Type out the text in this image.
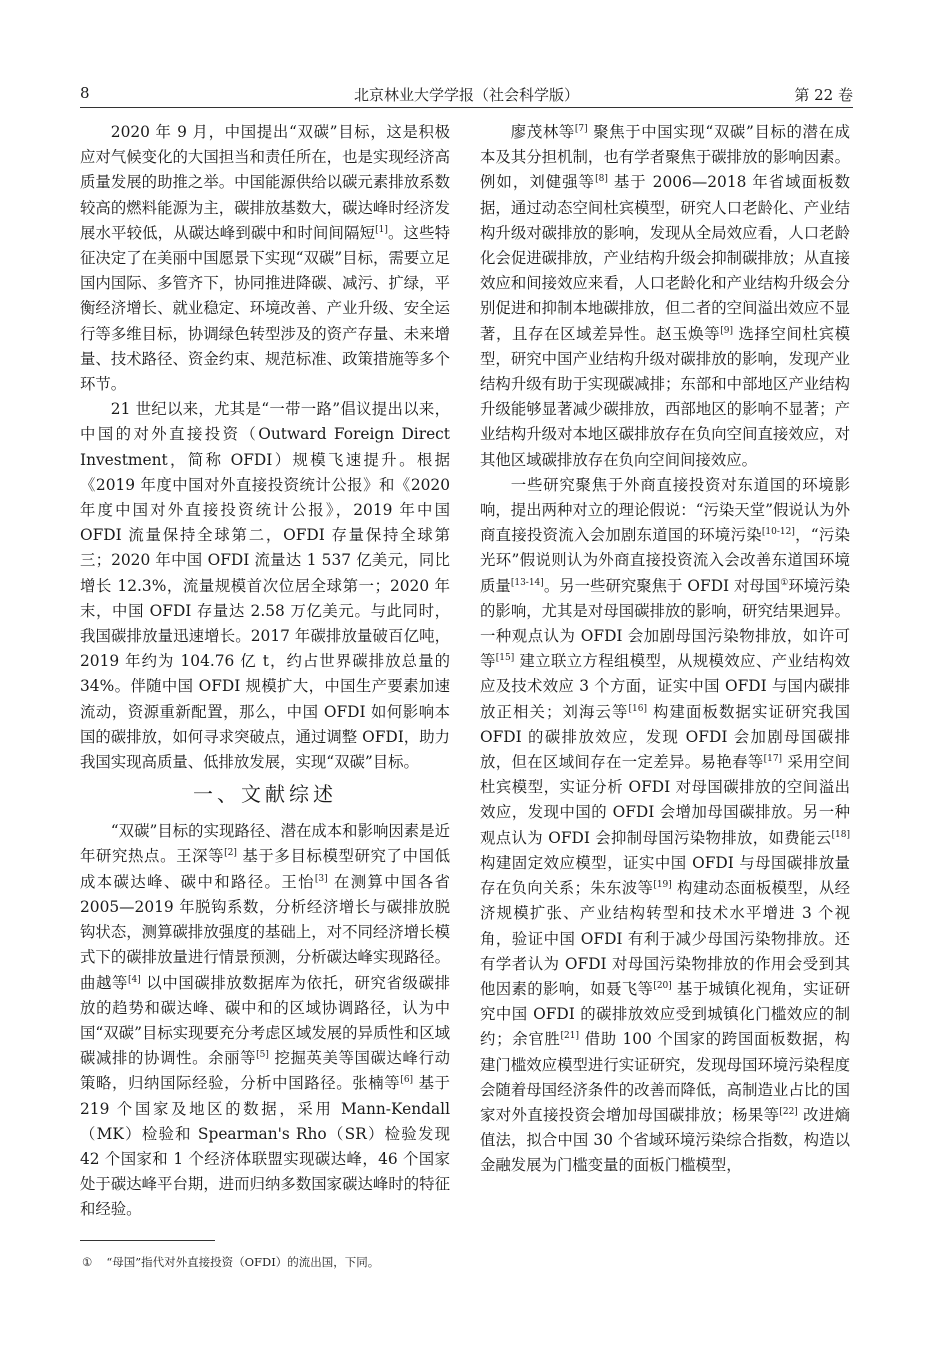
8	北京林业大学学报（社会科学版）	第 22 卷

2020 年 9 月，中国提出“双碳”目标，这是积极应对气候变化的大国担当和责任所在，也是实现经济高质量发展的助推之举。中国能源供给以碳元素排放系数较高的燃料能源为主，碳排放基数大，碳达峰时经济发展水平较低，从碳达峰到碳中和时间间隔短[1]。这些特征决定了在美丽中国愿景下实现“双碳”目标，需要立足国内国际、多管齐下，协同推进降碳、减污、扩绿，平衡经济增长、就业稳定、环境改善、产业升级、安全运行等多维目标，协调绿色转型涉及的资产存量、未来增量、技术路径、资金约束、规范标准、政策措施等多个环节。

21 世纪以来，尤其是“一带一路”倡议提出以来，中国的对外直接投资（Outward Foreign Direct Investment，简称 OFDI）规模飞速提升。根据《2019 年度中国对外直接投资统计公报》和《2020 年度中国对外直接投资统计公报》，2019 年中国 OFDI 流量保持全球第二，OFDI 存量保持全球第三；2020 年中国 OFDI 流量达 1 537 亿美元，同比增长 12.3%，流量规模首次位居全球第一；2020 年末，中国 OFDI 存量达 2.58 万亿美元。与此同时，我国碳排放量迅速增长。2017 年碳排放量破百亿吨，2019 年约为 104.76 亿 t，约占世界碳排放总量的 34%。伴随中国 OFDI 规模扩大，中国生产要素加速流动，资源重新配置，那么，中国 OFDI 如何影响本国的碳排放，如何寻求突破点，通过调整 OFDI，助力我国实现高质量、低排放发展，实现“双碳”目标。

一、文献综述

“双碳”目标的实现路径、潜在成本和影响因素是近年研究热点。王深等[2] 基于多目标模型研究了中国低成本碳达峰、碳中和路径。王怡[3] 在测算中国各省 2005—2019 年脱钩系数，分析经济增长与碳排放脱钩状态，测算碳排放强度的基础上，对不同经济增长模式下的碳排放量进行情景预测，分析碳达峰实现路径。曲越等[4] 以中国碳排放数据库为依托，研究省级碳排放的趋势和碳达峰、碳中和的区域协调路径，认为中国“双碳”目标实现要充分考虑区域发展的异质性和区域碳减排的协调性。余丽等[5] 挖掘英美等国碳达峰行动策略，归纳国际经验，分析中国路径。张楠等[6] 基于 219 个国家及地区的数据，采用 Mann-Kendall（MK）检验和 Spearman's Rho（SR）检验发现 42 个国家和 1 个经济体联盟实现碳达峰，46 个国家处于碳达峰平台期，进而归纳多数国家碳达峰时的特征和经验。

廖茂林等[7] 聚焦于中国实现“双碳”目标的潜在成本及其分担机制，也有学者聚焦于碳排放的影响因素。例如，刘健强等[8] 基于 2006—2018 年省域面板数据，通过动态空间杜宾模型，研究人口老龄化、产业结构升级对碳排放的影响，发现从全局效应看，人口老龄化会促进碳排放，产业结构升级会抑制碳排放；从直接效应和间接效应来看，人口老龄化和产业结构升级会分别促进和抑制本地碳排放，但二者的空间溢出效应不显著，且存在区域差异性。赵玉焕等[9] 选择空间杜宾模型，研究中国产业结构升级对碳排放的影响，发现产业结构升级有助于实现碳减排；东部和中部地区产业结构升级能够显著减少碳排放，西部地区的影响不显著；产业结构升级对本地区碳排放存在负向空间直接效应，对其他区域碳排放存在负向空间间接效应。

一些研究聚焦于外商直接投资对东道国的环境影响，提出两种对立的理论假说：“污染天堂”假说认为外商直接投资流入会加剧东道国的环境污染[10-12]，“污染光环”假说则认为外商直接投资流入会改善东道国环境质量[13-14]。另一些研究聚焦于 OFDI 对母国①环境污染的影响，尤其是对母国碳排放的影响，研究结果迥异。一种观点认为 OFDI 会加剧母国污染物排放，如许可等[15] 建立联立方程组模型，从规模效应、产业结构效应及技术效应 3 个方面，证实中国 OFDI 与国内碳排放正相关；刘海云等[16] 构建面板数据实证研究我国 OFDI 的碳排放效应，发现 OFDI 会加剧母国碳排放，但在区域间存在一定差异。易艳春等[17] 采用空间杜宾模型，实证分析 OFDI 对母国碳排放的空间溢出效应，发现中国的 OFDI 会增加母国碳排放。另一种观点认为 OFDI 会抑制母国污染物排放，如费能云[18] 构建固定效应模型，证实中国 OFDI 与母国碳排放量存在负向关系；朱东波等[19] 构建动态面板模型，从经济规模扩张、产业结构转型和技术水平增进 3 个视角，验证中国 OFDI 有利于减少母国污染物排放。还有学者认为 OFDI 对母国污染物排放的作用会受到其他因素的影响，如聂飞等[20] 基于城镇化视角，实证研究中国 OFDI 的碳排放效应受到城镇化门槛效应的制约；余官胜[21] 借助 100 个国家的跨国面板数据，构建门槛效应模型进行实证研究，发现母国环境污染程度会随着母国经济条件的改善而降低，高制造业占比的国家对外直接投资会增加母国碳排放；杨果等[22] 改进熵值法，拟合中国 30 个省域环境污染综合指数，构造以金融发展为门槛变量的面板门槛模型，

① “母国”指代对外直接投资（OFDI）的流出国，下同。
